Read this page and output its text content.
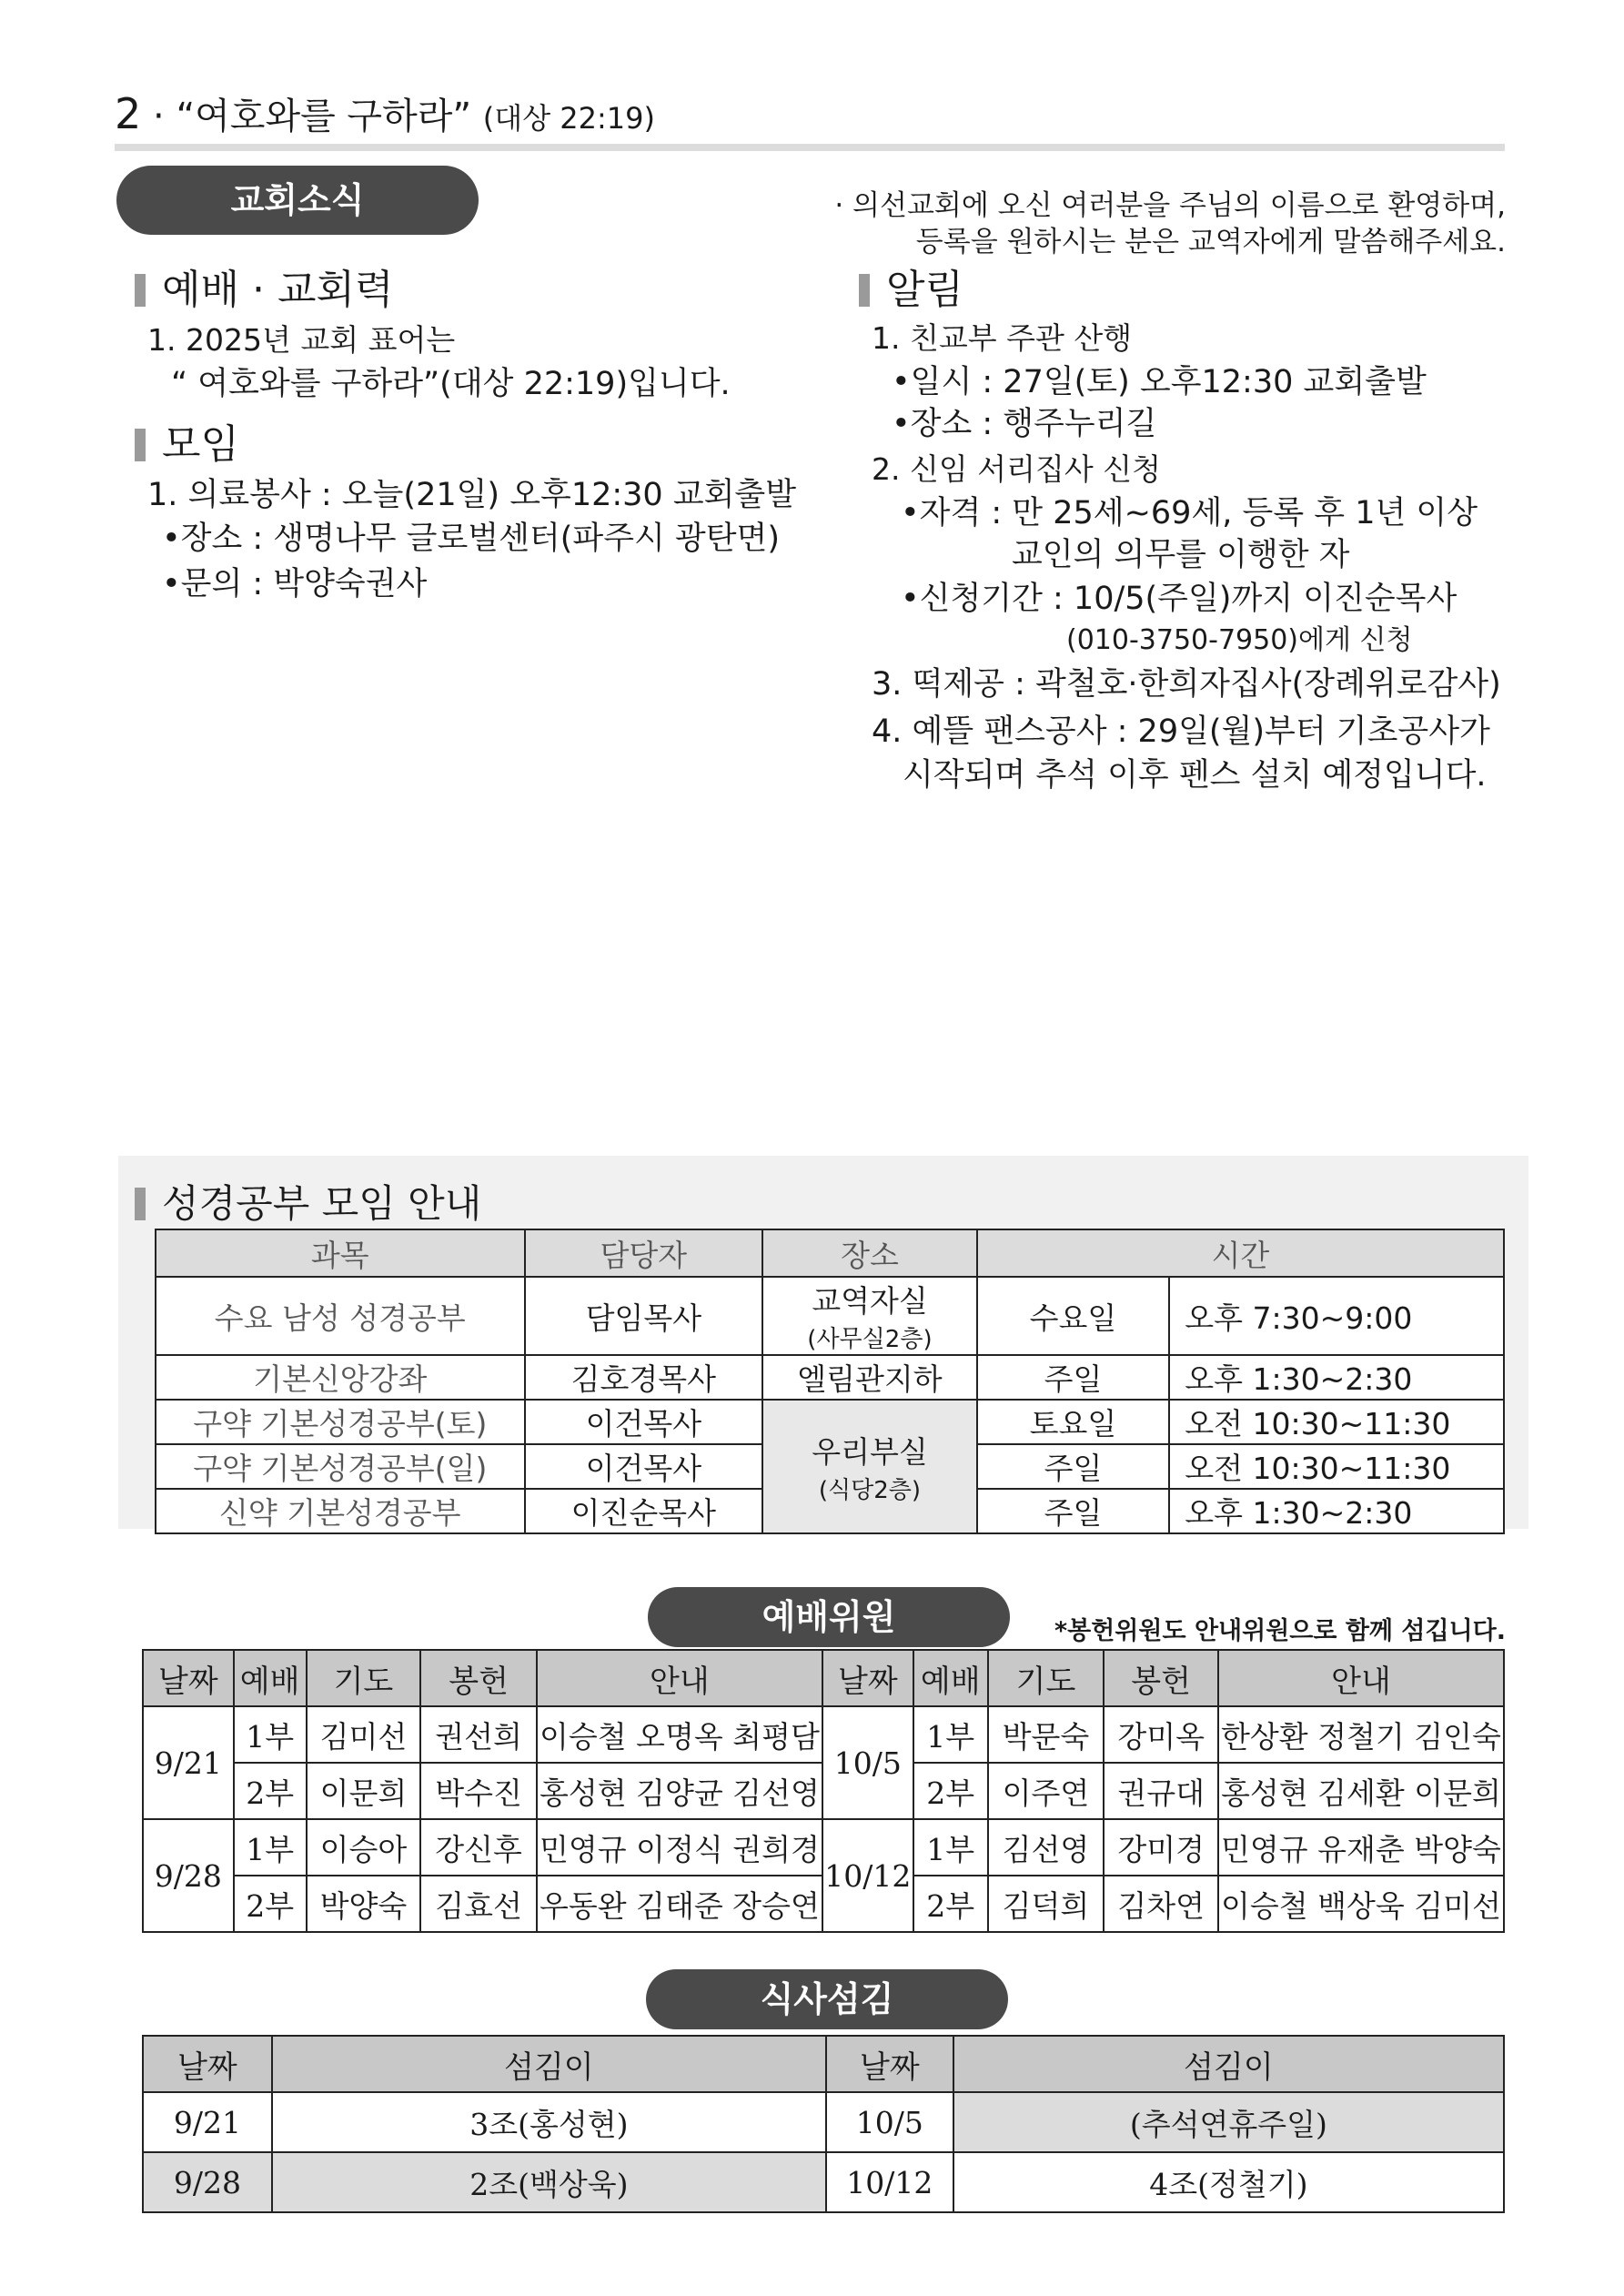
2 · “여호와를 구하라” (대상 22:19)
교회소식	· 의선교회에 오신 여러분을 주님의 이름으로 환영하며,
등록을 원하시는 분은 교역자에게 말씀해주세요.
예배 · 교회력
1. 2025년 교회 표어는
“ 여호와를 구하라”(대상 22:19)입니다.
모임
1. 의료봉사 : 오늘(21일) 오후12:30 교회출발
•장소 : 생명나무 글로벌센터(파주시 광탄면)
•문의 : 박양숙권사
알림
1. 친교부 주관 산행
•일시 : 27일(토) 오후12:30 교회출발
•장소 : 행주누리길
2. 신임 서리집사 신청
•자격 : 만 25세~69세, 등록 후 1년 이상
교인의 의무를 이행한 자
•신청기간 : 10/5(주일)까지 이진순목사
(010-3750-7950)에게 신청
3. 떡제공 : 곽철호·한희자집사(장례위로감사)
4. 예뜰 팬스공사 : 29일(월)부터 기초공사가
시작되며 추석 이후 펜스 설치 예정입니다.
성경공부 모임 안내
과목	담당자	장소	시간	
수요 남성 성경공부	담임목사	교역자실
(사무실2층)	수요일	오후 7:30~9:00
기본신앙강좌	김호경목사	엘림관지하	주일	오후 1:30~2:30
구약 기본성경공부(토)	이건목사	우리부실
(식당2층)	토요일	오전 10:30~11:30
구약 기본성경공부(일)	이건목사		주일	오전 10:30~11:30
신약 기본성경공부	이진순목사		주일	오후 1:30~2:30
예배위원	*봉헌위원도 안내위원으로 함께 섬깁니다.
날짜	예배	기도	봉헌	안내	날짜	예배	기도	봉헌	안내
9/21	1부	김미선	권선희	이승철 오명옥 최평담	10/5	1부	박문숙	강미옥	한상환 정철기 김인숙
	2부	이문희	박수진	홍성현 김양균 김선영		2부	이주연	권규대	홍성현 김세환 이문희
9/28	1부	이승아	강신후	민영규 이정식 권희경	10/12	1부	김선영	강미경	민영규 유재춘 박양숙
	2부	박양숙	김효선	우동완 김태준 장승연		2부	김덕희	김차연	이승철 백상욱 김미선
식사섬김
날짜	섬김이	날짜	섬김이
9/21	3조(홍성현)	10/5	(추석연휴주일)
9/28	2조(백상욱)	10/12	4조(정철기)
